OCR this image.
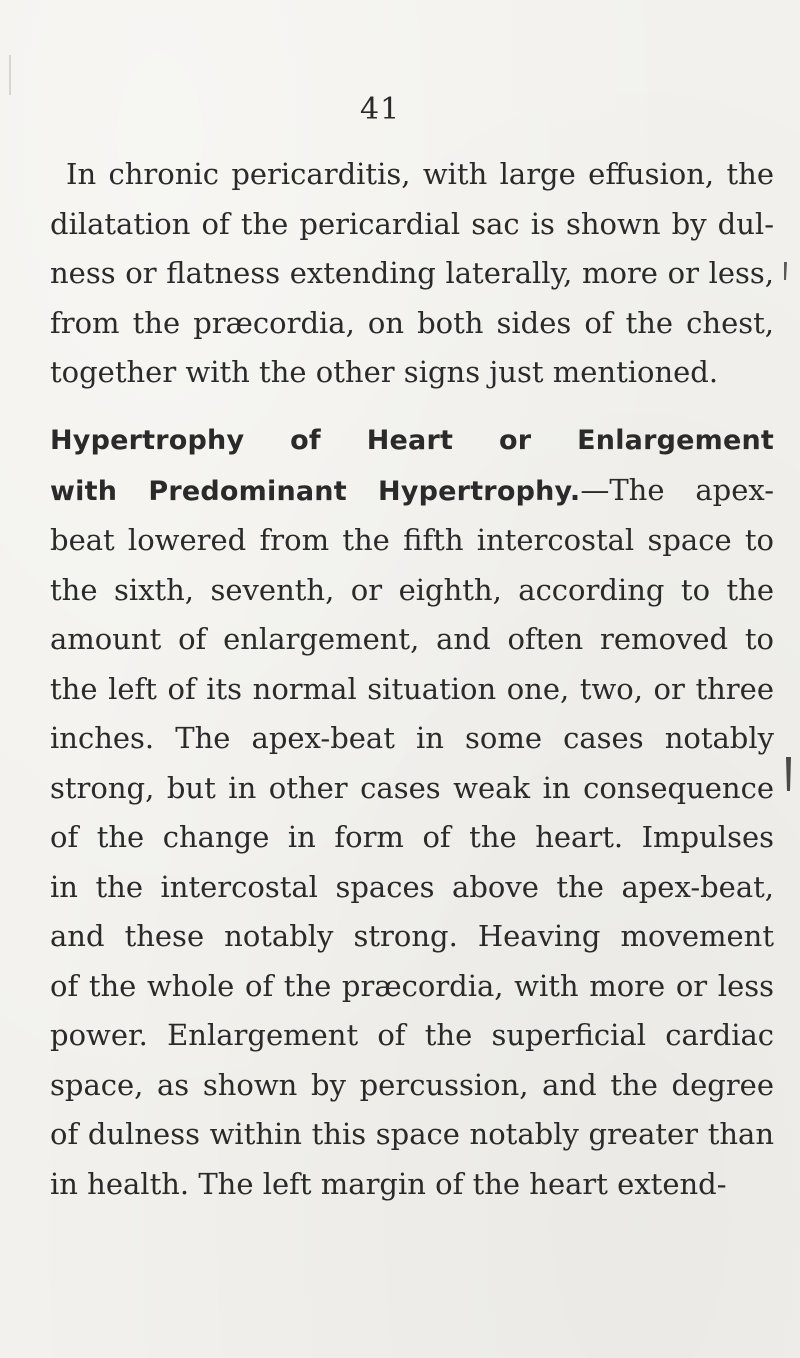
41
In chronic pericarditis, with large effusion, the
dilatation of the pericardial sac is shown by dul-
ness or flatness extending laterally, more or less,
from the præcordia, on both sides of the chest,
together with the other signs just mentioned.
Hypertrophy of Heart or Enlargement
with Predominant Hypertrophy.—The apex-
beat lowered from the fifth intercostal space to
the sixth, seventh, or eighth, according to the
amount of enlargement, and often removed to
the left of its normal situation one, two, or three
inches. The apex-beat in some cases notably
strong, but in other cases weak in consequence
of the change in form of the heart. Impulses
in the intercostal spaces above the apex-beat,
and these notably strong. Heaving movement
of the whole of the præcordia, with more or less
power. Enlargement of the superficial cardiac
space, as shown by percussion, and the degree
of dulness within this space notably greater than
in health. The left margin of the heart extend-
